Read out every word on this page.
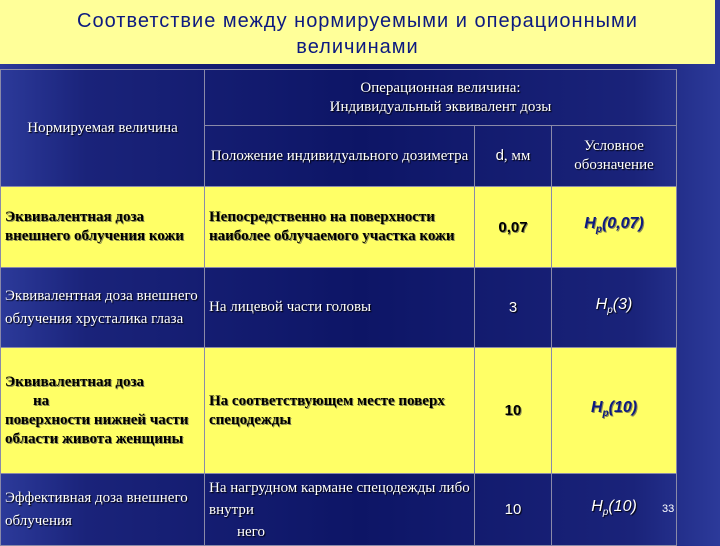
Соответствие между нормируемыми и операционными
величинами
Нормируемая величина	Операционная величина:
Индивидуальный эквивалент дозы		

	Положение индивидуального дозиметра	d, мм	Условное обозначение
Эквивалентная доза внешнего облучения кожи	Непосредственно на поверхности наиболее облучаемого участка кожи	0,07	$H_p(0,07)$
Эквивалентная доза внешнего облучения хрусталика глаза	На лицевой части головы	3	$H_p(3)$

Эквивалентная доза
на
поверхности нижней части области живота женщины	На соответствующем месте поверх спецодежды	10	$H_p(10)$
Эффективная доза внешнего облучения	На нагрудном кармане спецодежды либо внутри
него	10	$H_p(10)$ 33
